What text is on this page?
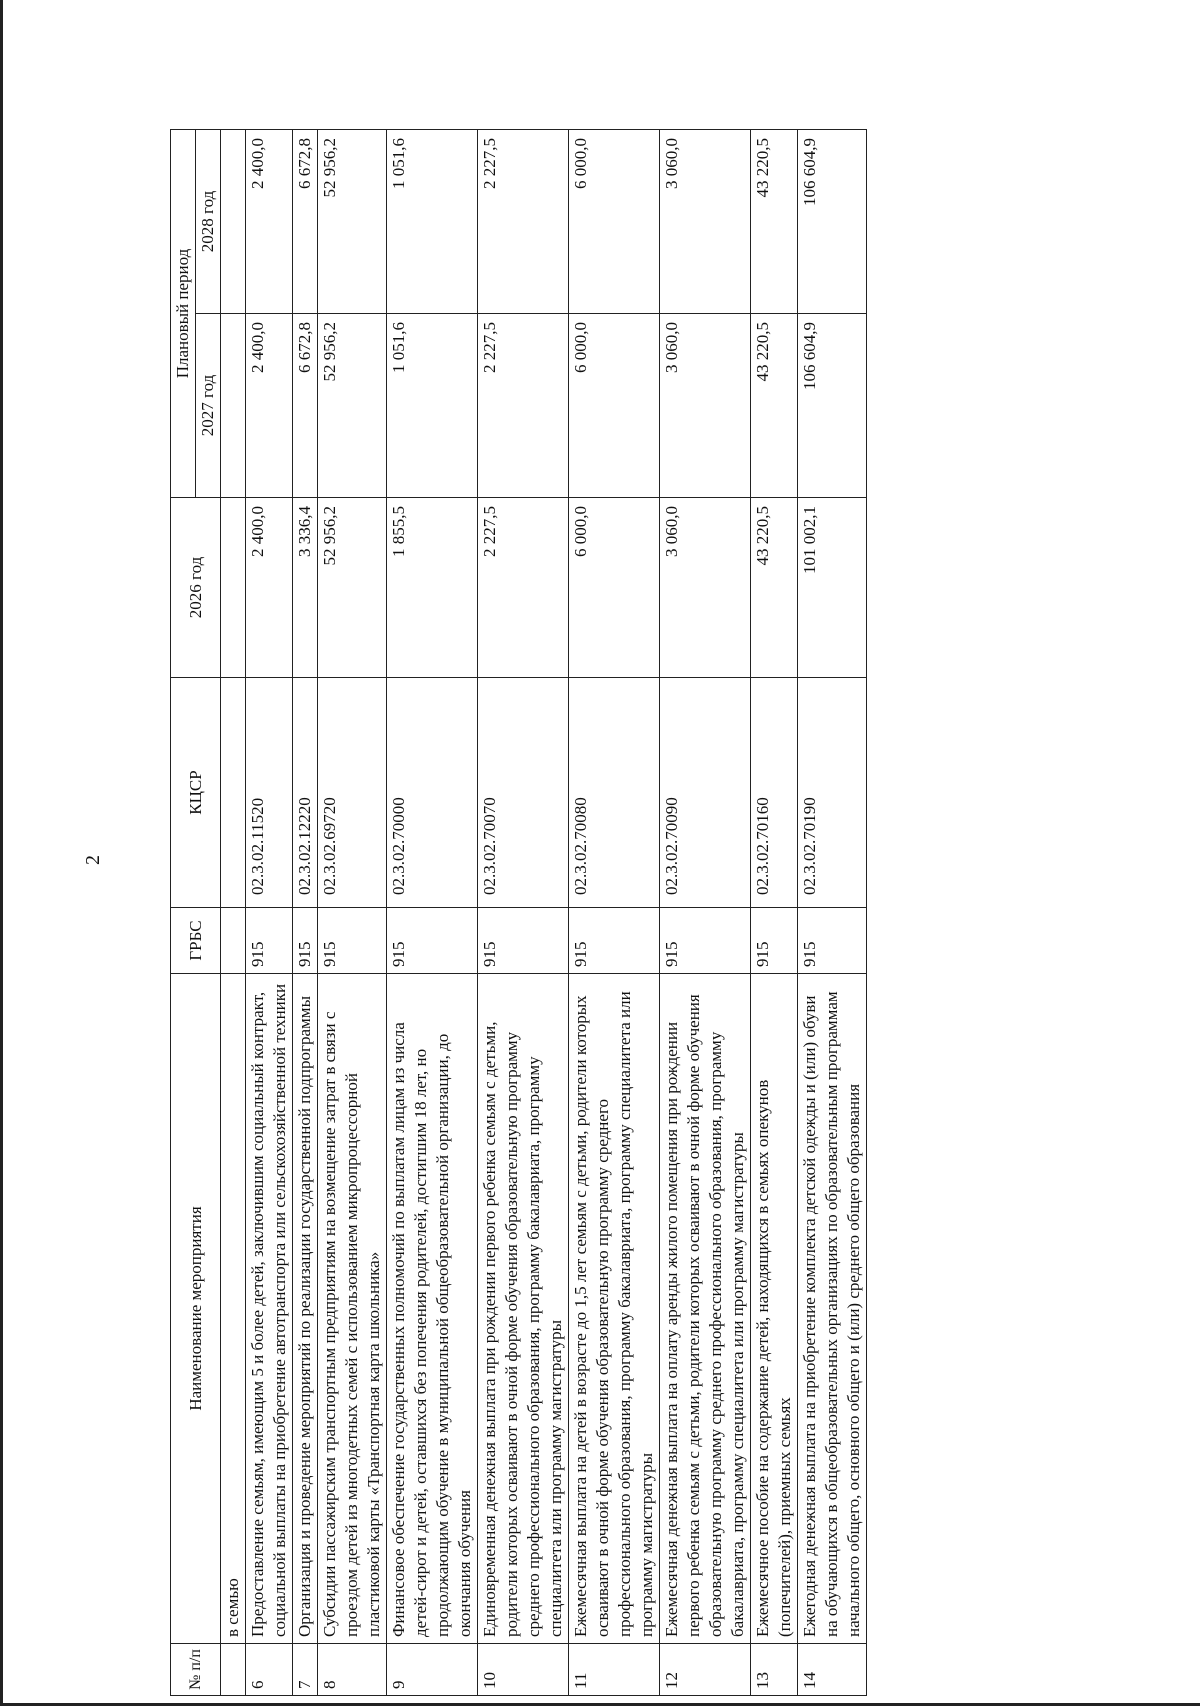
2
№ п/п	Наименование мероприятия	ГРБС	КЦСР	2026 год	Плановый период	
					2027 год	2028 год
	в семью					
6	Предоставление семьям, имеющим 5 и более детей, заключившим социальный контракт, социальной выплаты на приобретение автотранспорта или сельскохозяйственной техники	915	02.3.02.11520	2 400,0	2 400,0	2 400,0
7	Организация и проведение мероприятий по реализации государственной подпрограммы	915	02.3.02.12220	3 336,4	6 672,8	6 672,8
8	Субсидии пассажирским транспортным предприятиям на возмещение затрат в связи с проездом детей из многодетных семей с использованием микропроцессорной пластиковой карты «Транспортная карта школьника»	915	02.3.02.69720	52 956,2	52 956,2	52 956,2
9	Финансовое обеспечение государственных полномочий по выплатам лицам из числа детей-сирот и детей, оставшихся без попечения родителей, достигшим 18 лет, но продолжающим обучение в муниципальной общеобразовательной организации, до окончания обучения	915	02.3.02.70000	1 855,5	1 051,6	1 051,6
10	Единовременная денежная выплата при рождении первого ребенка семьям с детьми, родители которых осваивают в очной форме обучения образовательную программу среднего профессионального образования, программу бакалавриата, программу специалитета или программу магистратуры	915	02.3.02.70070	2 227,5	2 227,5	2 227,5
11	Ежемесячная выплата на детей в возрасте до 1,5 лет семьям с детьми, родители которых осваивают в очной форме обучения образовательную программу среднего профессионального образования, программу бакалавриата, программу специалитета или программу магистратуры	915	02.3.02.70080	6 000,0	6 000,0	6 000,0
12	Ежемесячная денежная выплата на оплату аренды жилого помещения при рождении первого ребенка семьям с детьми, родители которых осваивают в очной форме обучения образовательную программу среднего профессионального образования, программу бакалавриата, программу специалитета или программу магистратуры	915	02.3.02.70090	3 060,0	3 060,0	3 060,0
13	Ежемесячное пособие на содержание детей, находящихся в семьях опекунов (попечителей), приемных семьях	915	02.3.02.70160	43 220,5	43 220,5	43 220,5
14	Ежегодная денежная выплата на приобретение комплекта детской одежды и (или) обуви на обучающихся в общеобразовательных организациях по образовательным программам начального общего, основного общего и (или) среднего общего образования	915	02.3.02.70190	101 002,1	106 604,9	106 604,9
